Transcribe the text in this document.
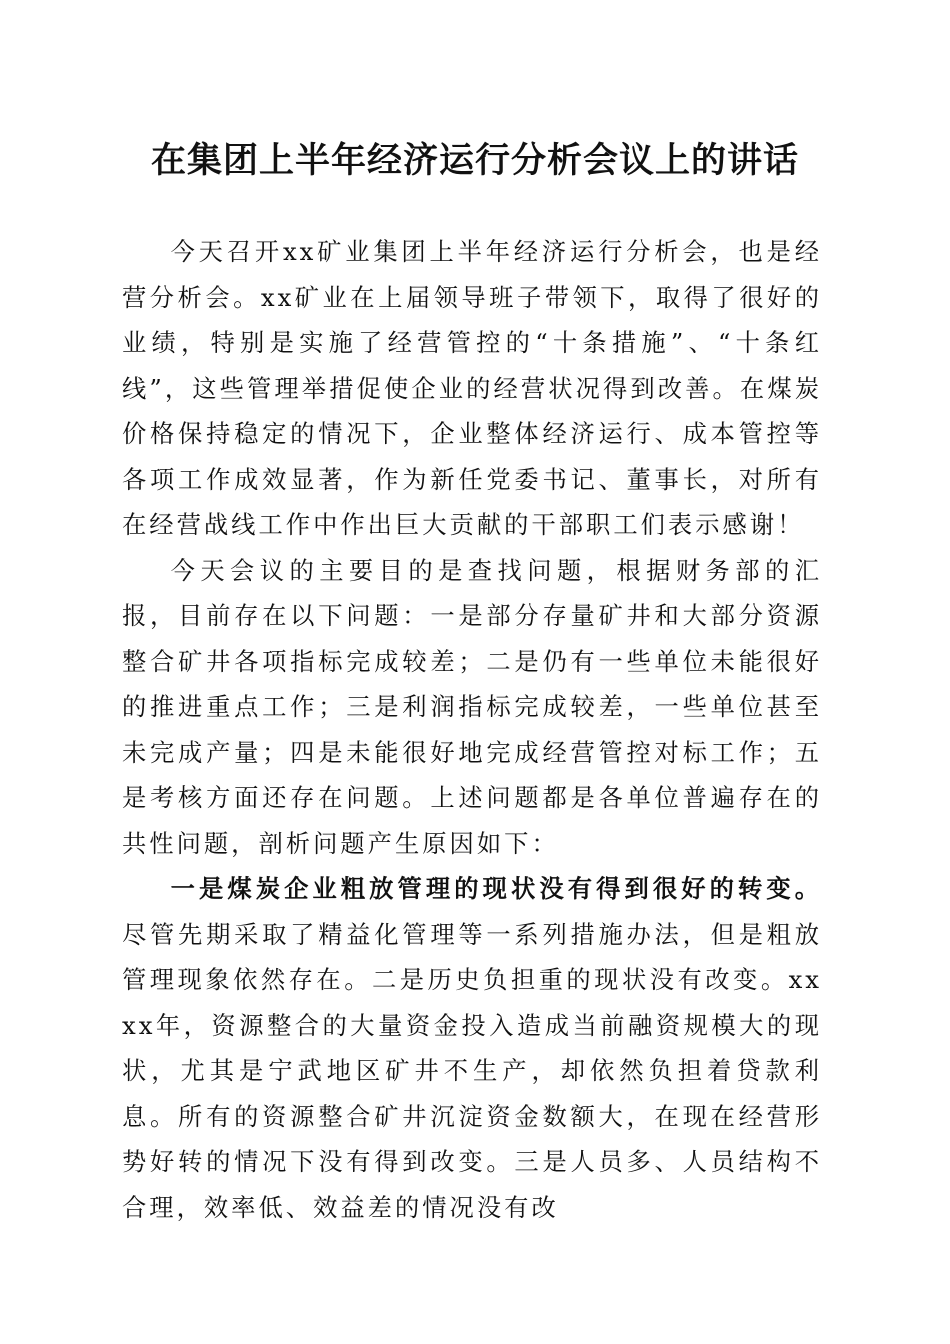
在集团上半年经济运行分析会议上的讲话

今天召开xx矿业集团上半年经济运行分析会，也是经营分析会。xx矿业在上届领导班子带领下，取得了很好的业绩，特别是实施了经营管控的“十条措施”、“十条红线”，这些管理举措促使企业的经营状况得到改善。在煤炭价格保持稳定的情况下，企业整体经济运行、成本管控等各项工作成效显著，作为新任党委书记、董事长，对所有在经营战线工作中作出巨大贡献的干部职工们表示感谢！

今天会议的主要目的是查找问题，根据财务部的汇报，目前存在以下问题：一是部分存量矿井和大部分资源整合矿井各项指标完成较差；二是仍有一些单位未能很好的推进重点工作；三是利润指标完成较差，一些单位甚至未完成产量；四是未能很好地完成经营管控对标工作；五是考核方面还存在问题。上述问题都是各单位普遍存在的共性问题，剖析问题产生原因如下：

一是煤炭企业粗放管理的现状没有得到很好的转变。尽管先期采取了精益化管理等一系列措施办法，但是粗放管理现象依然存在。二是历史负担重的现状没有改变。xxxx年，资源整合的大量资金投入造成当前融资规模大的现状，尤其是宁武地区矿井不生产，却依然负担着贷款利息。所有的资源整合矿井沉淀资金数额大，在现在经营形势好转的情况下没有得到改变。三是人员多、人员结构不合理，效率低、效益差的情况没有改
